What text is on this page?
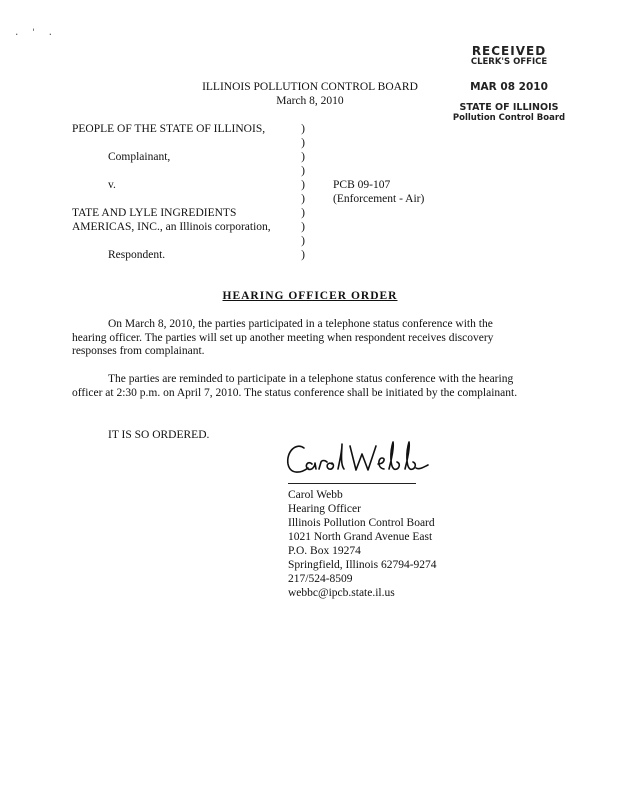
. ' .
RECEIVED
CLERK'S OFFICE
MAR 08 2010
STATE OF ILLINOIS
Pollution Control Board
ILLINOIS POLLUTION CONTROL BOARD
March 8, 2010
PEOPLE OF THE STATE OF ILLINOIS,
Complainant,
v.
TATE AND LYLE INGREDIENTS
AMERICAS, INC., an Illinois corporation,
Respondent.
)
)
)
)
)
)
)
)
)
)
PCB 09-107
(Enforcement - Air)
HEARING OFFICER ORDER
On March 8, 2010, the parties participated in a telephone status conference with the hearing officer. The parties will set up another meeting when respondent receives discovery responses from complainant.
The parties are reminded to participate in a telephone status conference with the hearing officer at 2:30 p.m. on April 7, 2010. The status conference shall be initiated by the complainant.
IT IS SO ORDERED.
Carol Webb
Hearing Officer
Illinois Pollution Control Board
1021 North Grand Avenue East
P.O. Box 19274
Springfield, Illinois 62794-9274
217/524-8509
webbc@ipcb.state.il.us
